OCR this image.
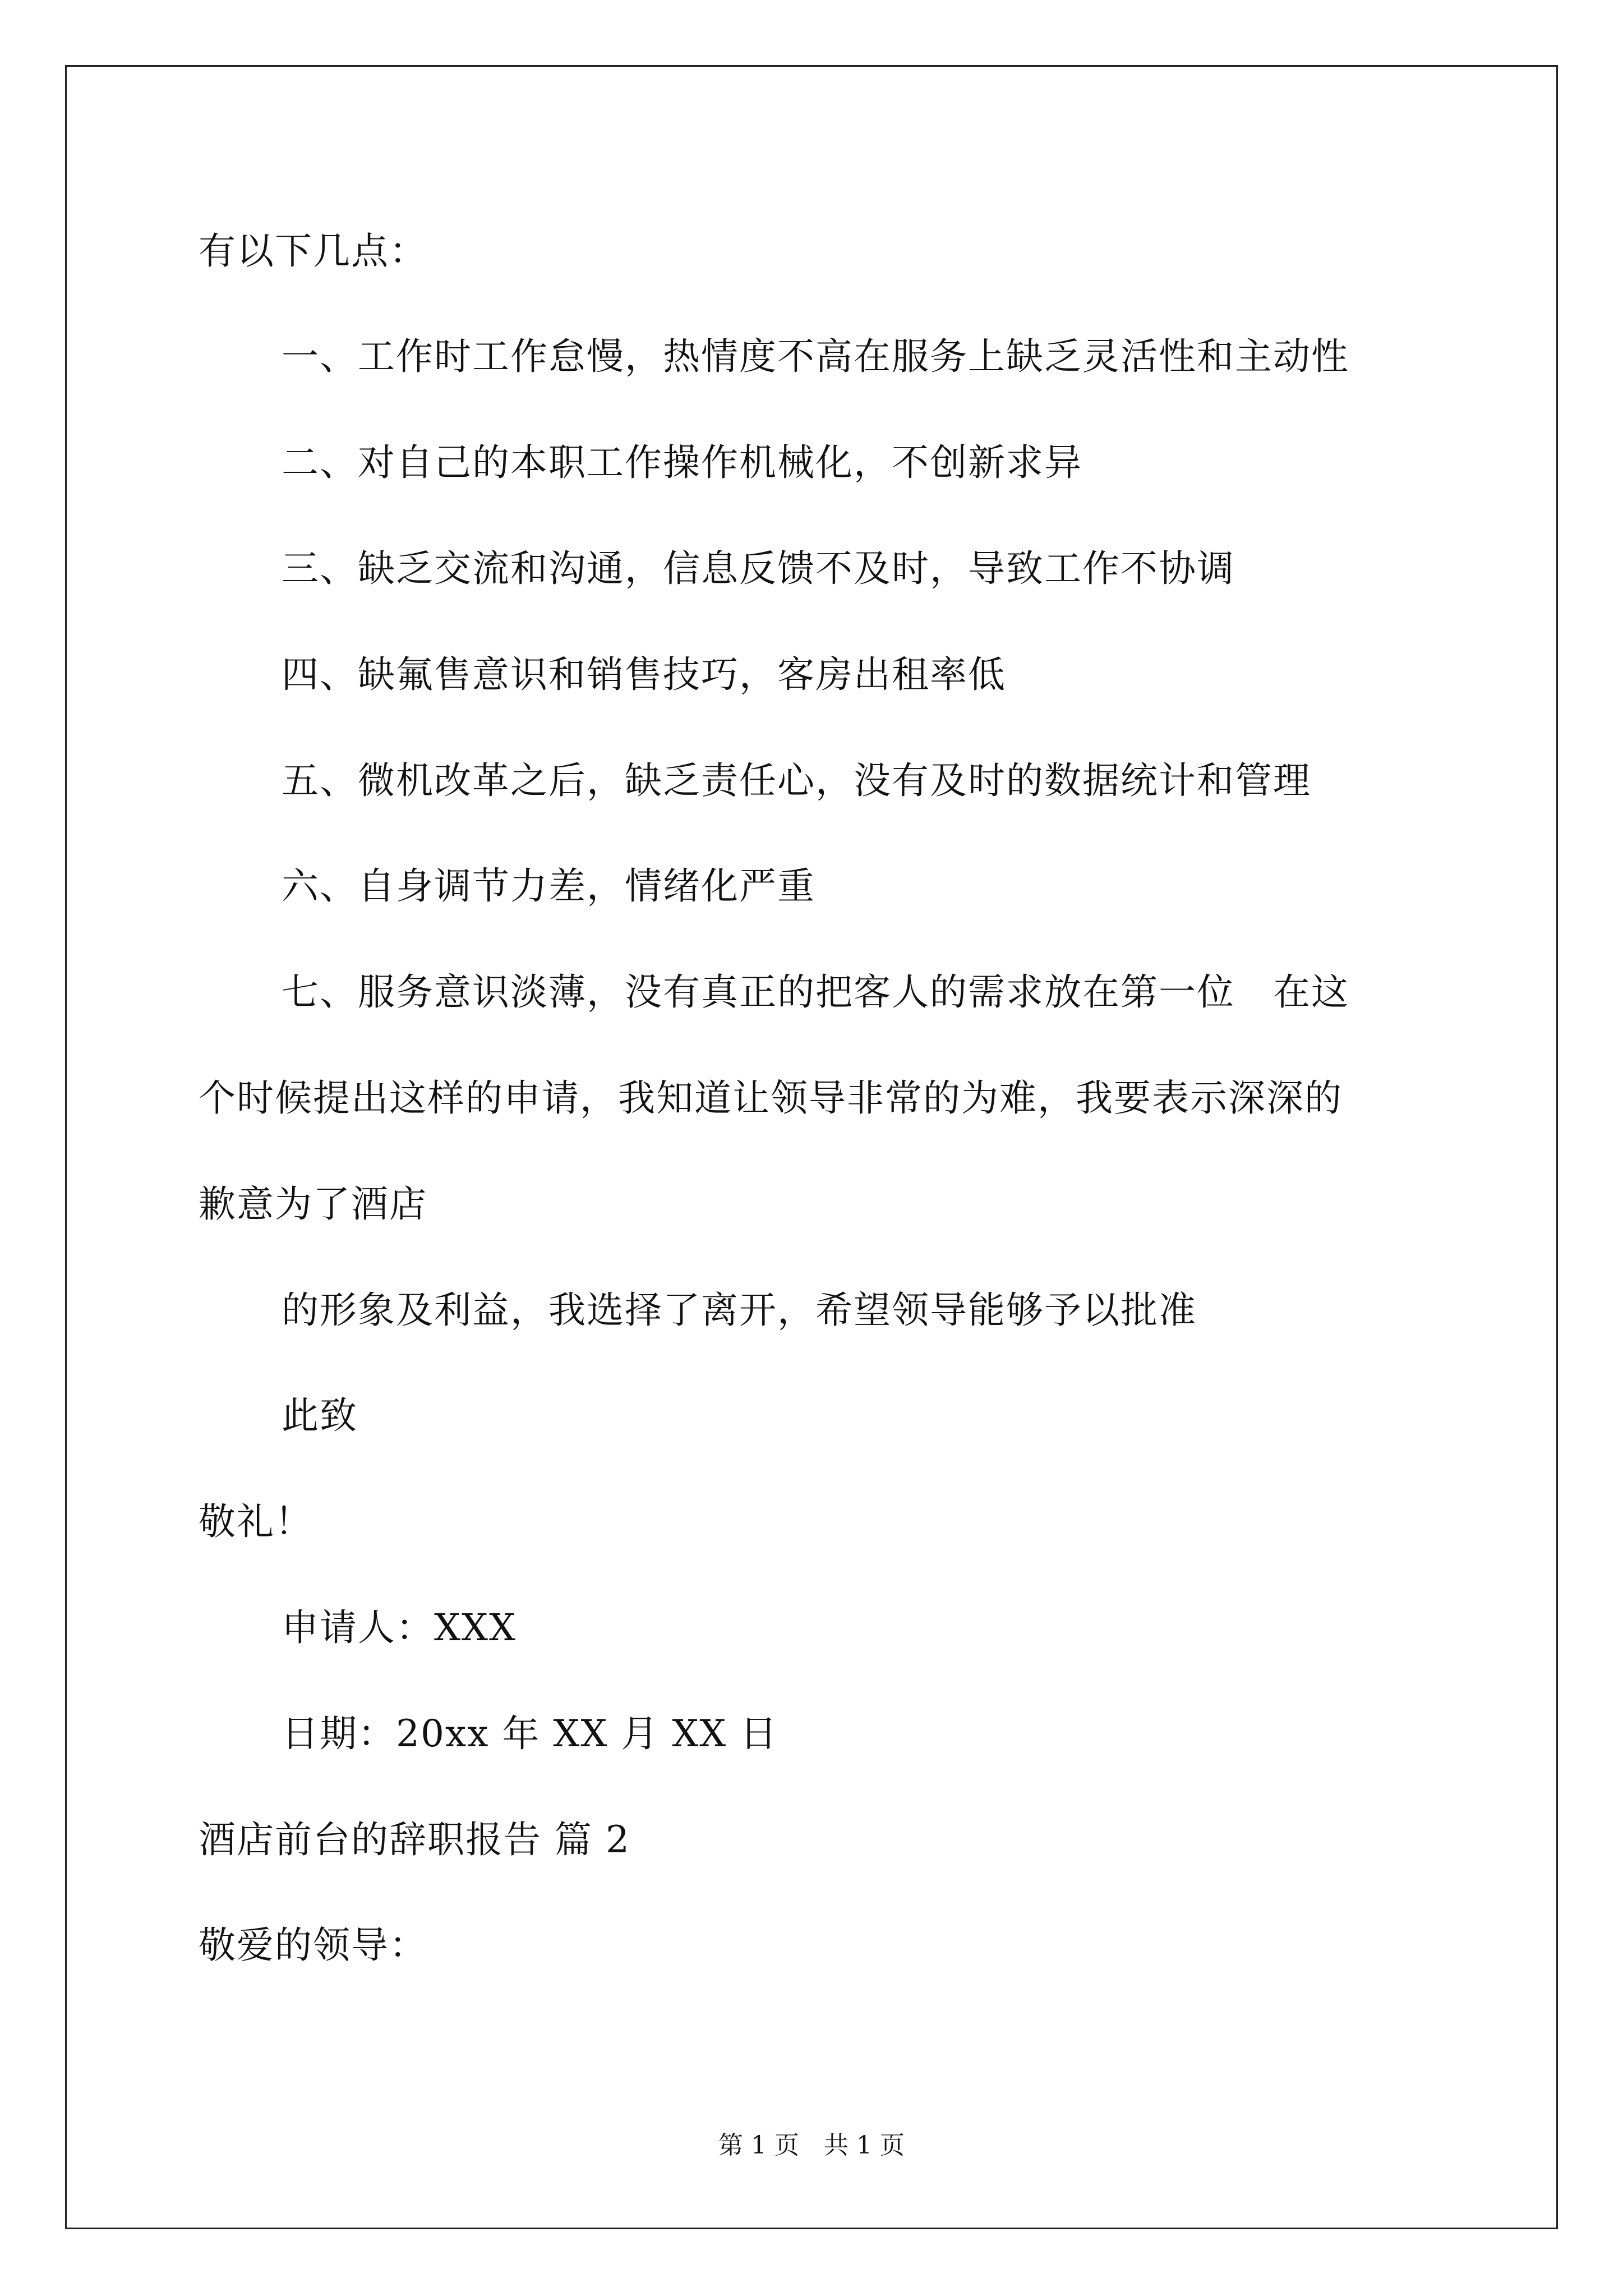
有以下几点：
一、工作时工作怠慢，热情度不高在服务上缺乏灵活性和主动性
二、对自己的本职工作操作机械化，不创新求异
三、缺乏交流和沟通，信息反馈不及时，导致工作不协调
四、缺氟售意识和销售技巧，客房出租率低
五、微机改革之后，缺乏责任心，没有及时的数据统计和管理
六、自身调节力差，情绪化严重
七、服务意识淡薄，没有真正的把客人的需求放在第一位　在这
个时候提出这样的申请，我知道让领导非常的为难，我要表示深深的
歉意为了酒店
的形象及利益，我选择了离开，希望领导能够予以批准
此致
敬礼！
申请人：XXX
日期：20xx 年 XX 月 XX 日
酒店前台的辞职报告 篇 2
敬爱的领导：
第 1 页　共 1 页
